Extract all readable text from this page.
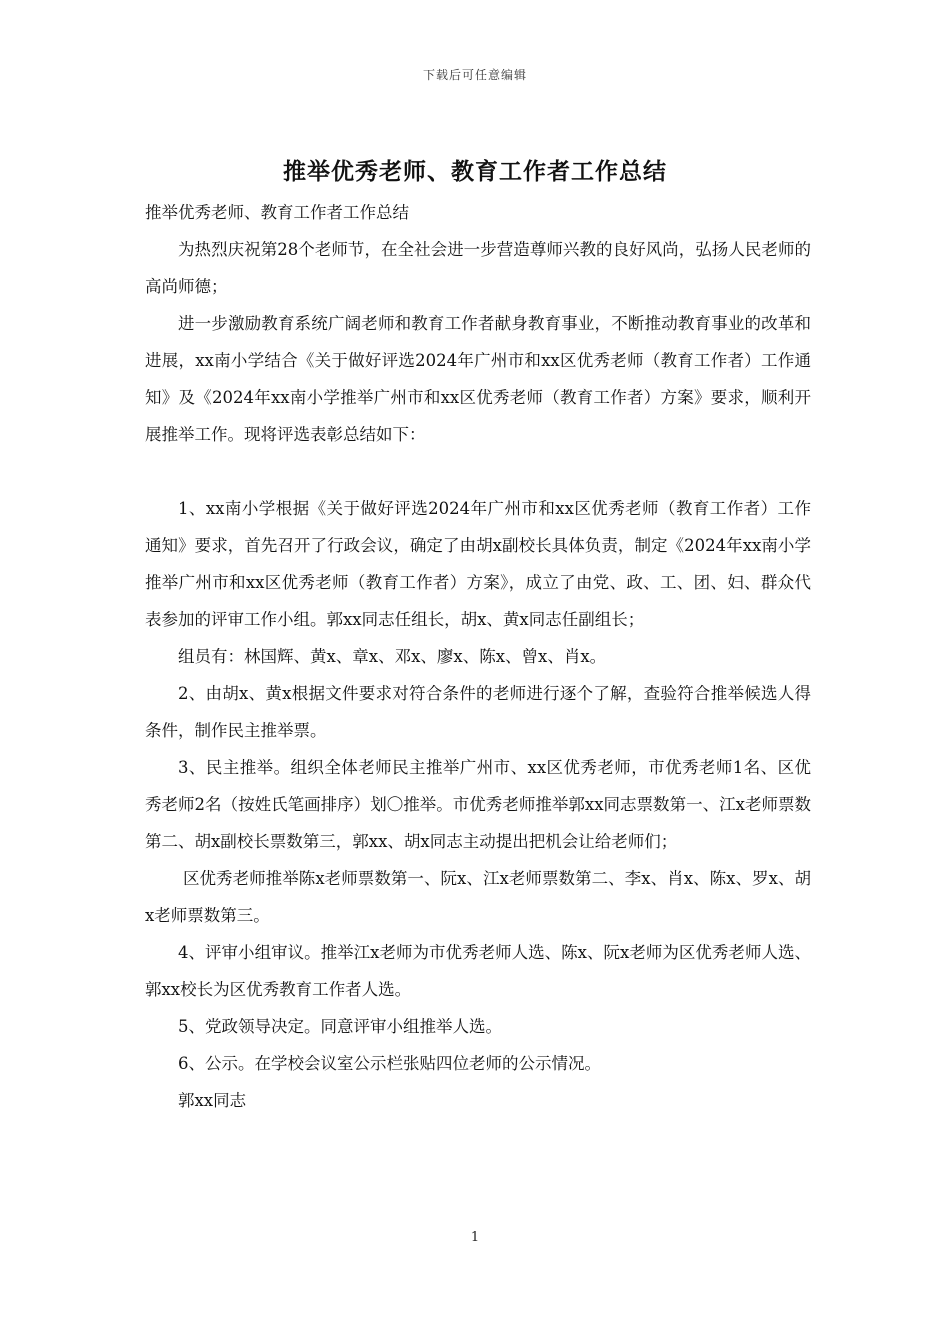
下载后可任意编辑
推举优秀老师、教育工作者工作总结

推举优秀老师、教育工作者工作总结

为热烈庆祝第28个老师节，在全社会进一步营造尊师兴教的良好风尚，弘扬人民老师的高尚师德；

进一步激励教育系统广阔老师和教育工作者献身教育事业，不断推动教育事业的改革和进展，xx南小学结合《关于做好评选2024年广州市和xx区优秀老师（教育工作者）工作通知》及《2024年xx南小学推举广州市和xx区优秀老师（教育工作者）方案》要求，顺利开展推举工作。现将评选表彰总结如下：

1、xx南小学根据《关于做好评选2024年广州市和xx区优秀老师（教育工作者）工作通知》要求，首先召开了行政会议，确定了由胡x副校长具体负责，制定《2024年xx南小学推举广州市和xx区优秀老师（教育工作者）方案》，成立了由党、政、工、团、妇、群众代表参加的评审工作小组。郭xx同志任组长，胡x、黄x同志任副组长；

组员有：林国辉、黄x、章x、邓x、廖x、陈x、曾x、肖x。

2、由胡x、黄x根据文件要求对符合条件的老师进行逐个了解，查验符合推举候选人得条件，制作民主推举票。

3、民主推举。组织全体老师民主推举广州市、xx区优秀老师，市优秀老师1名、区优秀老师2名（按姓氏笔画排序）划〇推举。市优秀老师推举郭xx同志票数第一、江x老师票数第二、胡x副校长票数第三，郭xx、胡x同志主动提出把机会让给老师们；

区优秀老师推举陈x老师票数第一、阮x、江x老师票数第二、李x、肖x、陈x、罗x、胡x老师票数第三。

4、评审小组审议。推举江x老师为市优秀老师人选、陈x、阮x老师为区优秀老师人选、郭xx校长为区优秀教育工作者人选。

5、党政领导决定。同意评审小组推举人选。

6、公示。在学校会议室公示栏张贴四位老师的公示情况。

郭xx同志

1
